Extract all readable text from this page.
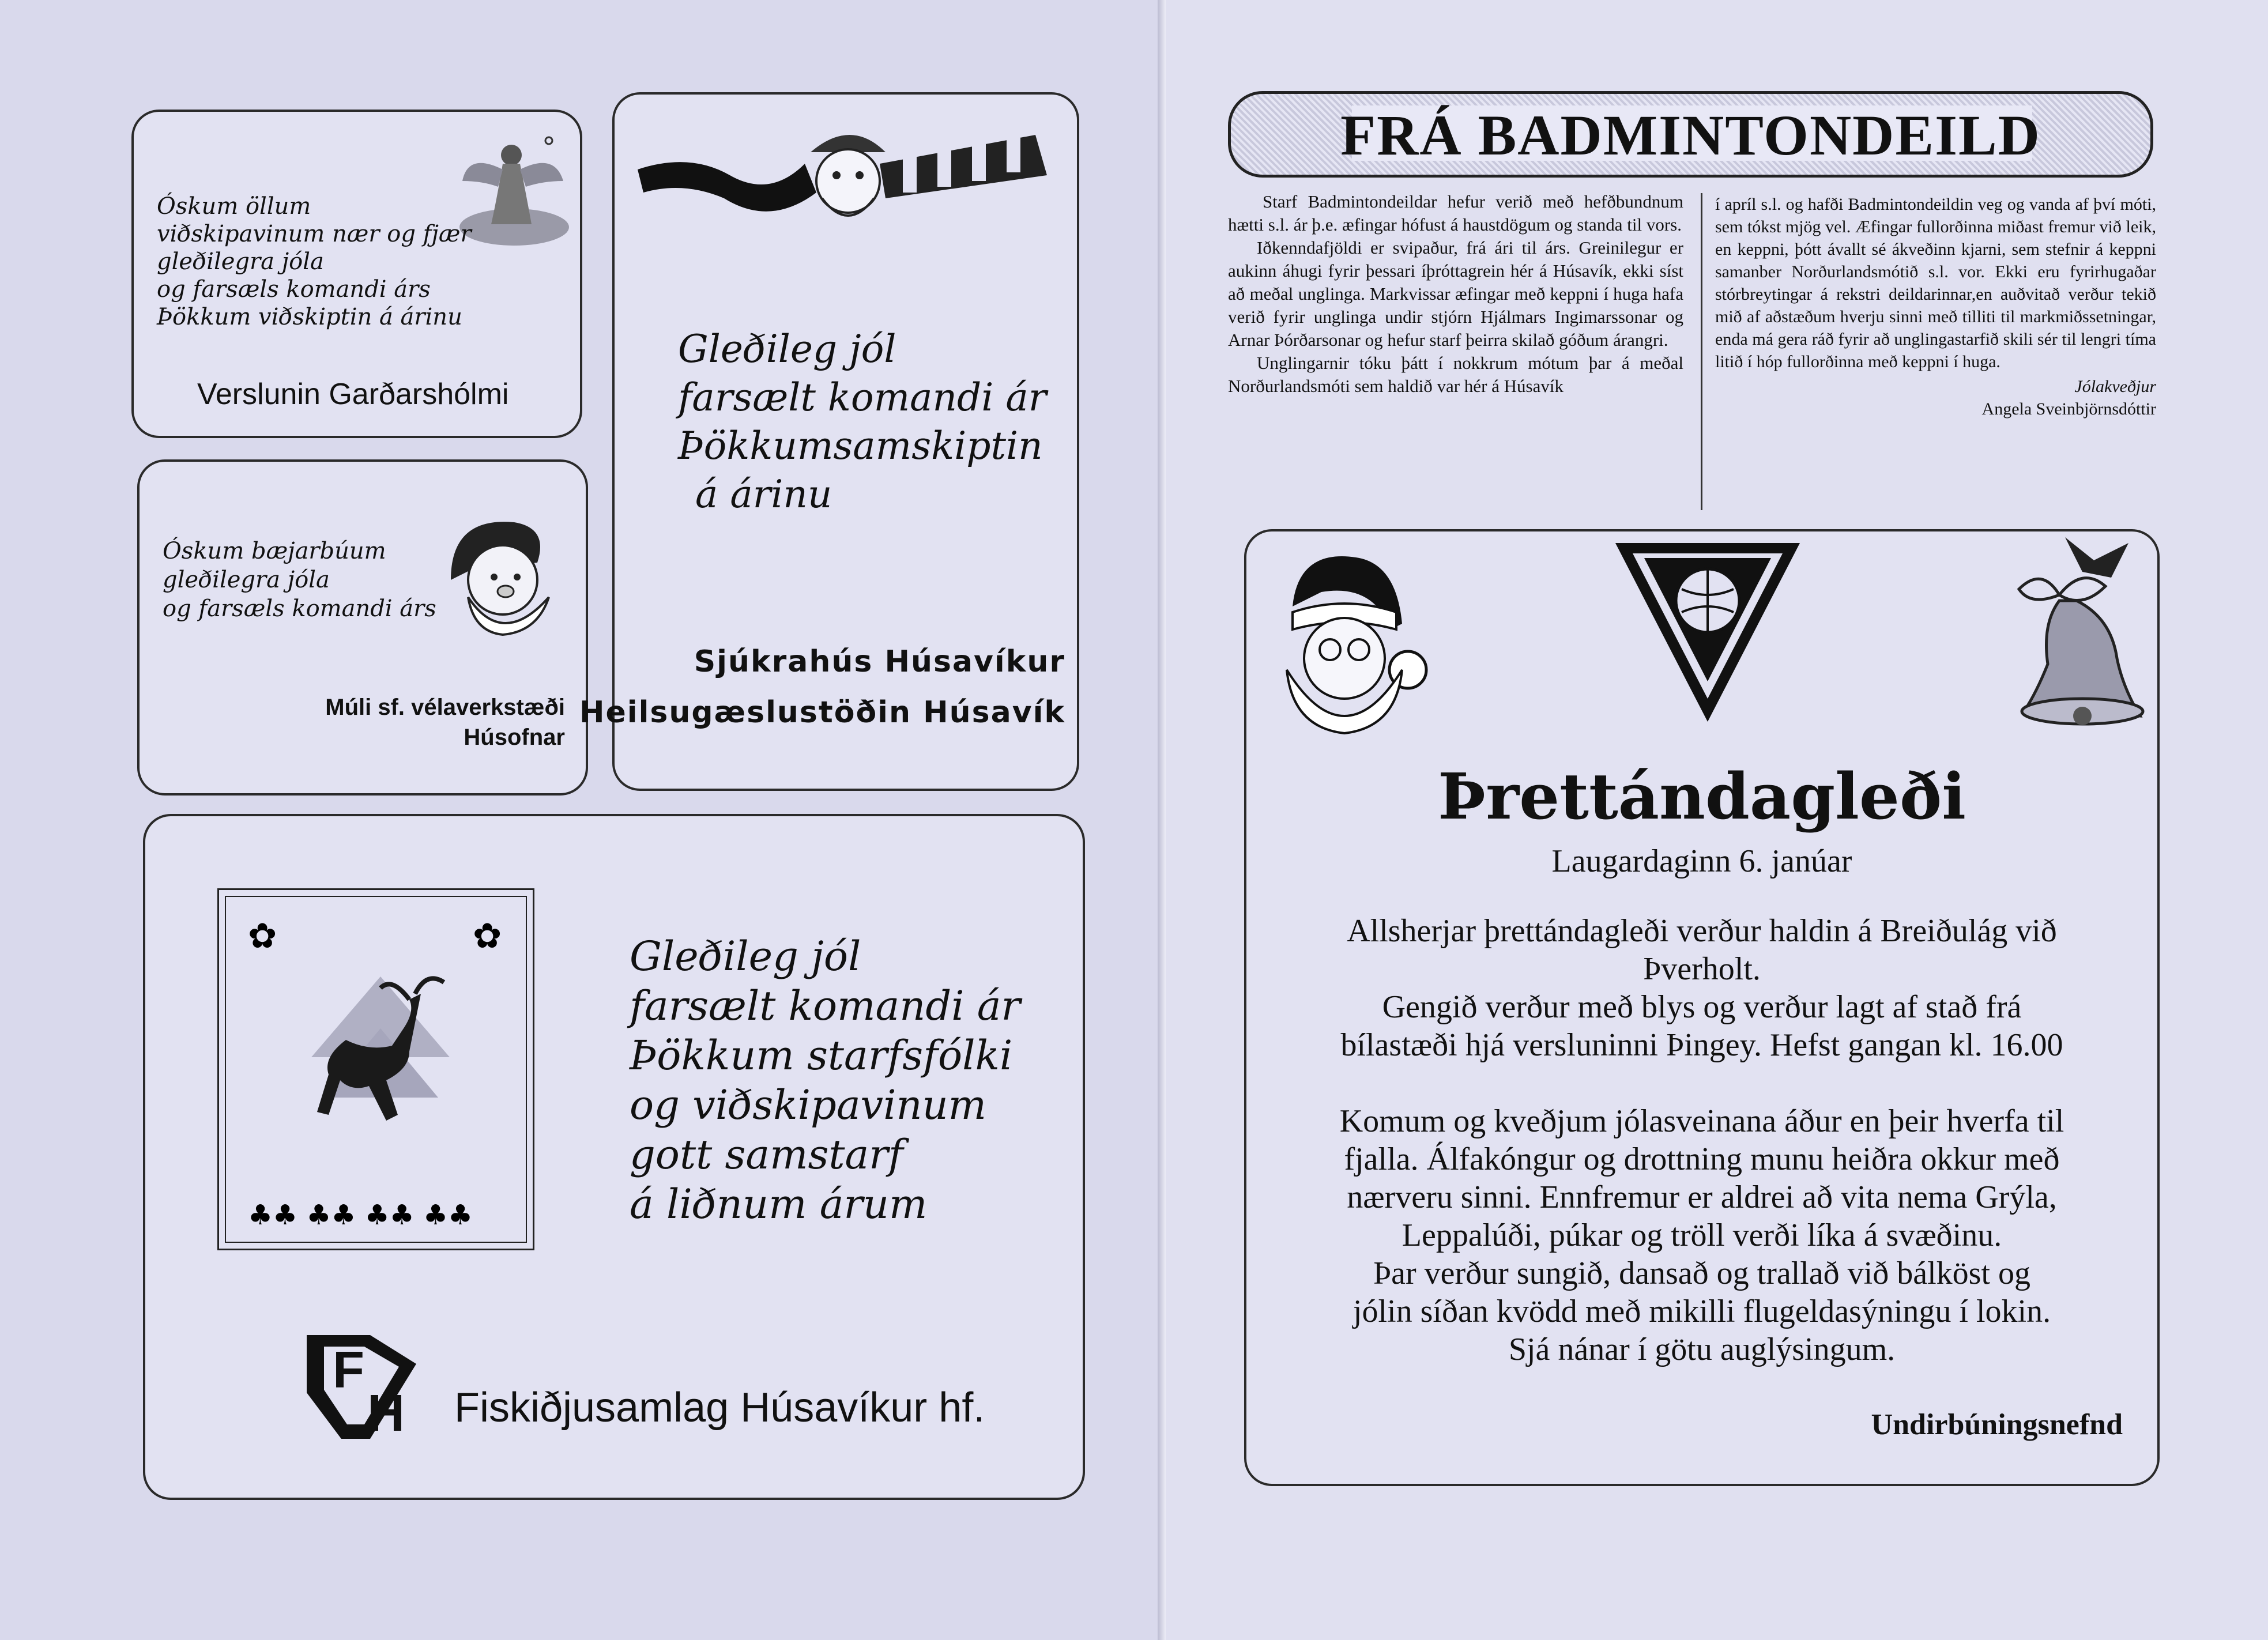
Óskum öllum
viðskipavinum nær og fjær
gleðilegra jóla
og farsæls komandi árs
Þökkum viðskiptin á árinu
Verslunin Garðarshólmi
Óskum bæjarbúum
gleðilegra jóla
og farsæls komandi árs
Múli sf. vélaverkstæði
Húsofnar
Gleðileg jól
farsælt komandi ár
Þökkumsamskiptin
á árinu
Sjúkrahús Húsavíkur
Heilsugæslustöðin Húsavík
✿	✿
♣♣ ♣♣ ♣♣ ♣♣
Gleðileg jól
farsælt komandi ár
Þökkum starfsfólki
og viðskipavinum
gott samstarf
á liðnum árum
F
H Fiskiðjusamlag Húsavíkur hf.
FRÁ BADMINTONDEILD

Starf Badmintondeildar hefur verið með hefðbundnum hætti s.l. ár þ.e. æfingar hófust á haustdögum og standa til vors.

Iðkenndafjöldi er svipaður, frá ári til árs. Greinilegur er aukinn áhugi fyrir þessari íþróttagrein hér á Húsavík, ekki síst að meðal unglinga. Markvissar æfingar með keppni í huga hafa verið fyrir unglinga undir stjórn Hjálmars Ingimarssonar og Arnar Þórðarsonar og hefur starf þeirra skilað góðum árangri.

Unglingarnir tóku þátt í nokkrum mótum þar á meðal Norðurlandsmóti sem haldið var hér á Húsavík

í apríl s.l. og hafði Badmintondeildin veg og vanda af því móti, sem tókst mjög vel. Æfingar fullorðinna miðast fremur við leik, en keppni, þótt ávallt sé ákveðinn kjarni, sem stefnir á keppni samanber Norðurlandsmótið s.l. vor. Ekki eru fyrirhugaðar stórbreytingar á rekstri deildarinnar,en auðvitað verður tekið mið af aðstæðum hverju sinni með tilliti til markmiðssetningar, enda má gera ráð fyrir að unglingastarfið skili sér til lengri tíma litið í hóp fullorðinna með keppni í huga.

Jólakveðjur
Angela Sveinbjörnsdóttir
Þrettándagleði
Laugardaginn 6. janúar
Allsherjar þrettándagleði verður haldin á Breiðulág við
Þverholt.
Gengið verður með blys og verður lagt af stað frá
bílastæði hjá versluninni Þingey. Hefst gangan kl. 16.00
Komum og kveðjum jólasveinana áður en þeir hverfa til
fjalla. Álfakóngur og drottning munu heiðra okkur með
nærveru sinni. Ennfremur er aldrei að vita nema Grýla,
Leppalúði, púkar og tröll verði líka á svæðinu.
Þar verður sungið, dansað og trallað við bálköst og
jólin síðan kvödd með mikilli flugeldasýningu í lokin.
Sjá nánar í götu auglýsingum.
Undirbúningsnefnd
